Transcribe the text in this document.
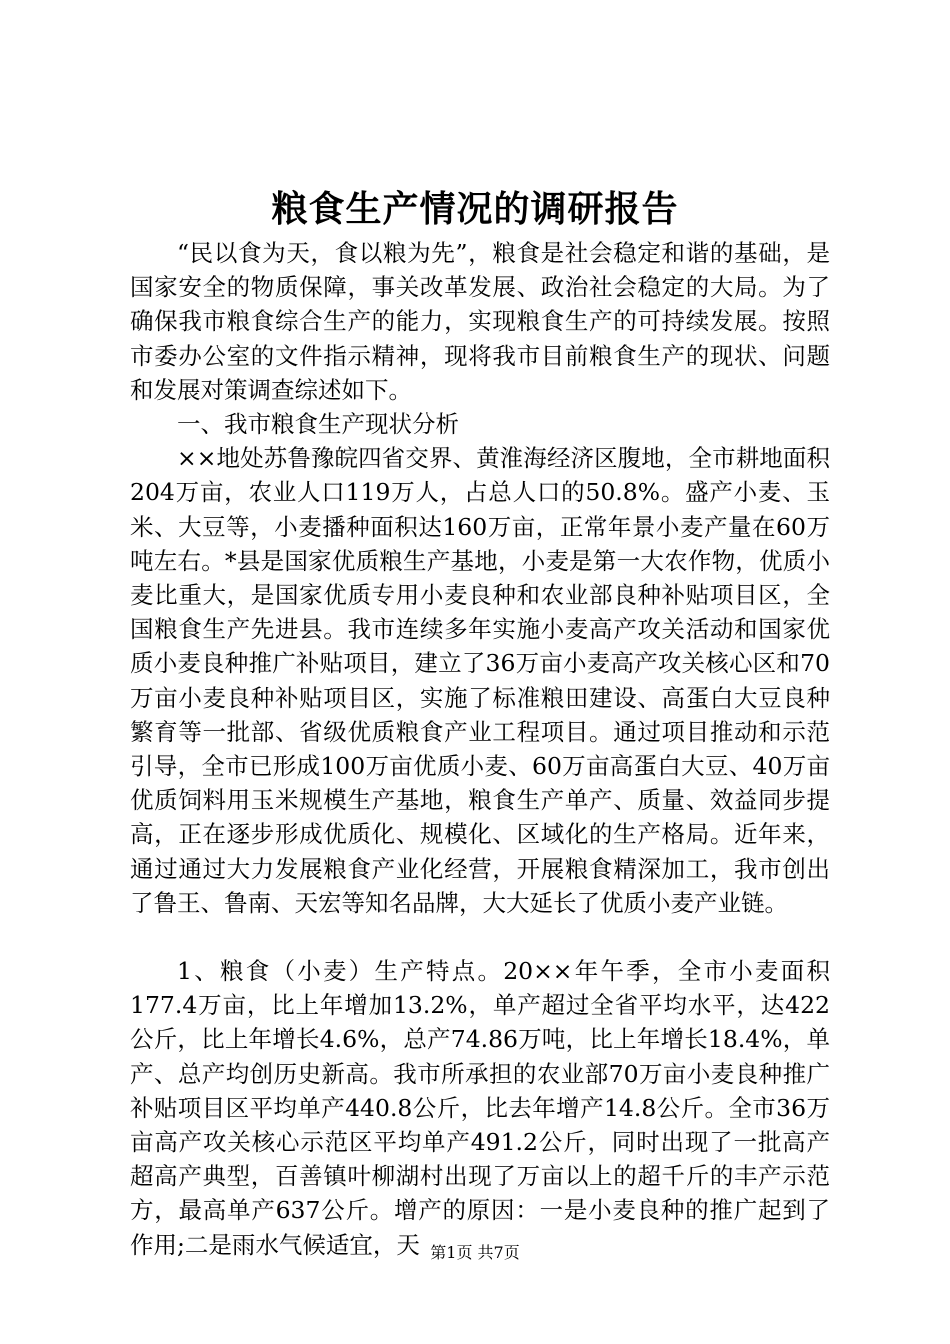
粮食生产情况的调研报告

“民以食为天，食以粮为先”，粮食是社会稳定和谐的基础，是国家安全的物质保障，事关改革发展、政治社会稳定的大局。为了确保我市粮食综合生产的能力，实现粮食生产的可持续发展。按照市委办公室的文件指示精神，现将我市目前粮食生产的现状、问题和发展对策调查综述如下。

一、我市粮食生产现状分析

××地处苏鲁豫皖四省交界、黄淮海经济区腹地，全市耕地面积204万亩，农业人口119万人，占总人口的50.8%。盛产小麦、玉米、大豆等，小麦播种面积达160万亩，正常年景小麦产量在60万吨左右。*县是国家优质粮生产基地，小麦是第一大农作物，优质小麦比重大，是国家优质专用小麦良种和农业部良种补贴项目区，全国粮食生产先进县。我市连续多年实施小麦高产攻关活动和国家优质小麦良种推广补贴项目，建立了36万亩小麦高产攻关核心区和70万亩小麦良种补贴项目区，实施了标准粮田建设、高蛋白大豆良种繁育等一批部、省级优质粮食产业工程项目。通过项目推动和示范引导，全市已形成100万亩优质小麦、60万亩高蛋白大豆、40万亩优质饲料用玉米规模生产基地，粮食生产单产、质量、效益同步提高，正在逐步形成优质化、规模化、区域化的生产格局。近年来，通过通过大力发展粮食产业化经营，开展粮食精深加工，我市创出了鲁王、鲁南、天宏等知名品牌，大大延长了优质小麦产业链。

1、粮食（小麦）生产特点。20××年午季，全市小麦面积177.4万亩，比上年增加13.2%，单产超过全省平均水平，达422公斤，比上年增长4.6%，总产74.86万吨，比上年增长18.4%，单产、总产均创历史新高。我市所承担的农业部70万亩小麦良种推广补贴项目区平均单产440.8公斤，比去年增产14.8公斤。全市36万亩高产攻关核心示范区平均单产491.2公斤，同时出现了一批高产超高产典型，百善镇叶柳湖村出现了万亩以上的超千斤的丰产示范方，最高单产637公斤。增产的原因：一是小麦良种的推广起到了作用;二是雨水气候适宜，天 第1页 共7页
